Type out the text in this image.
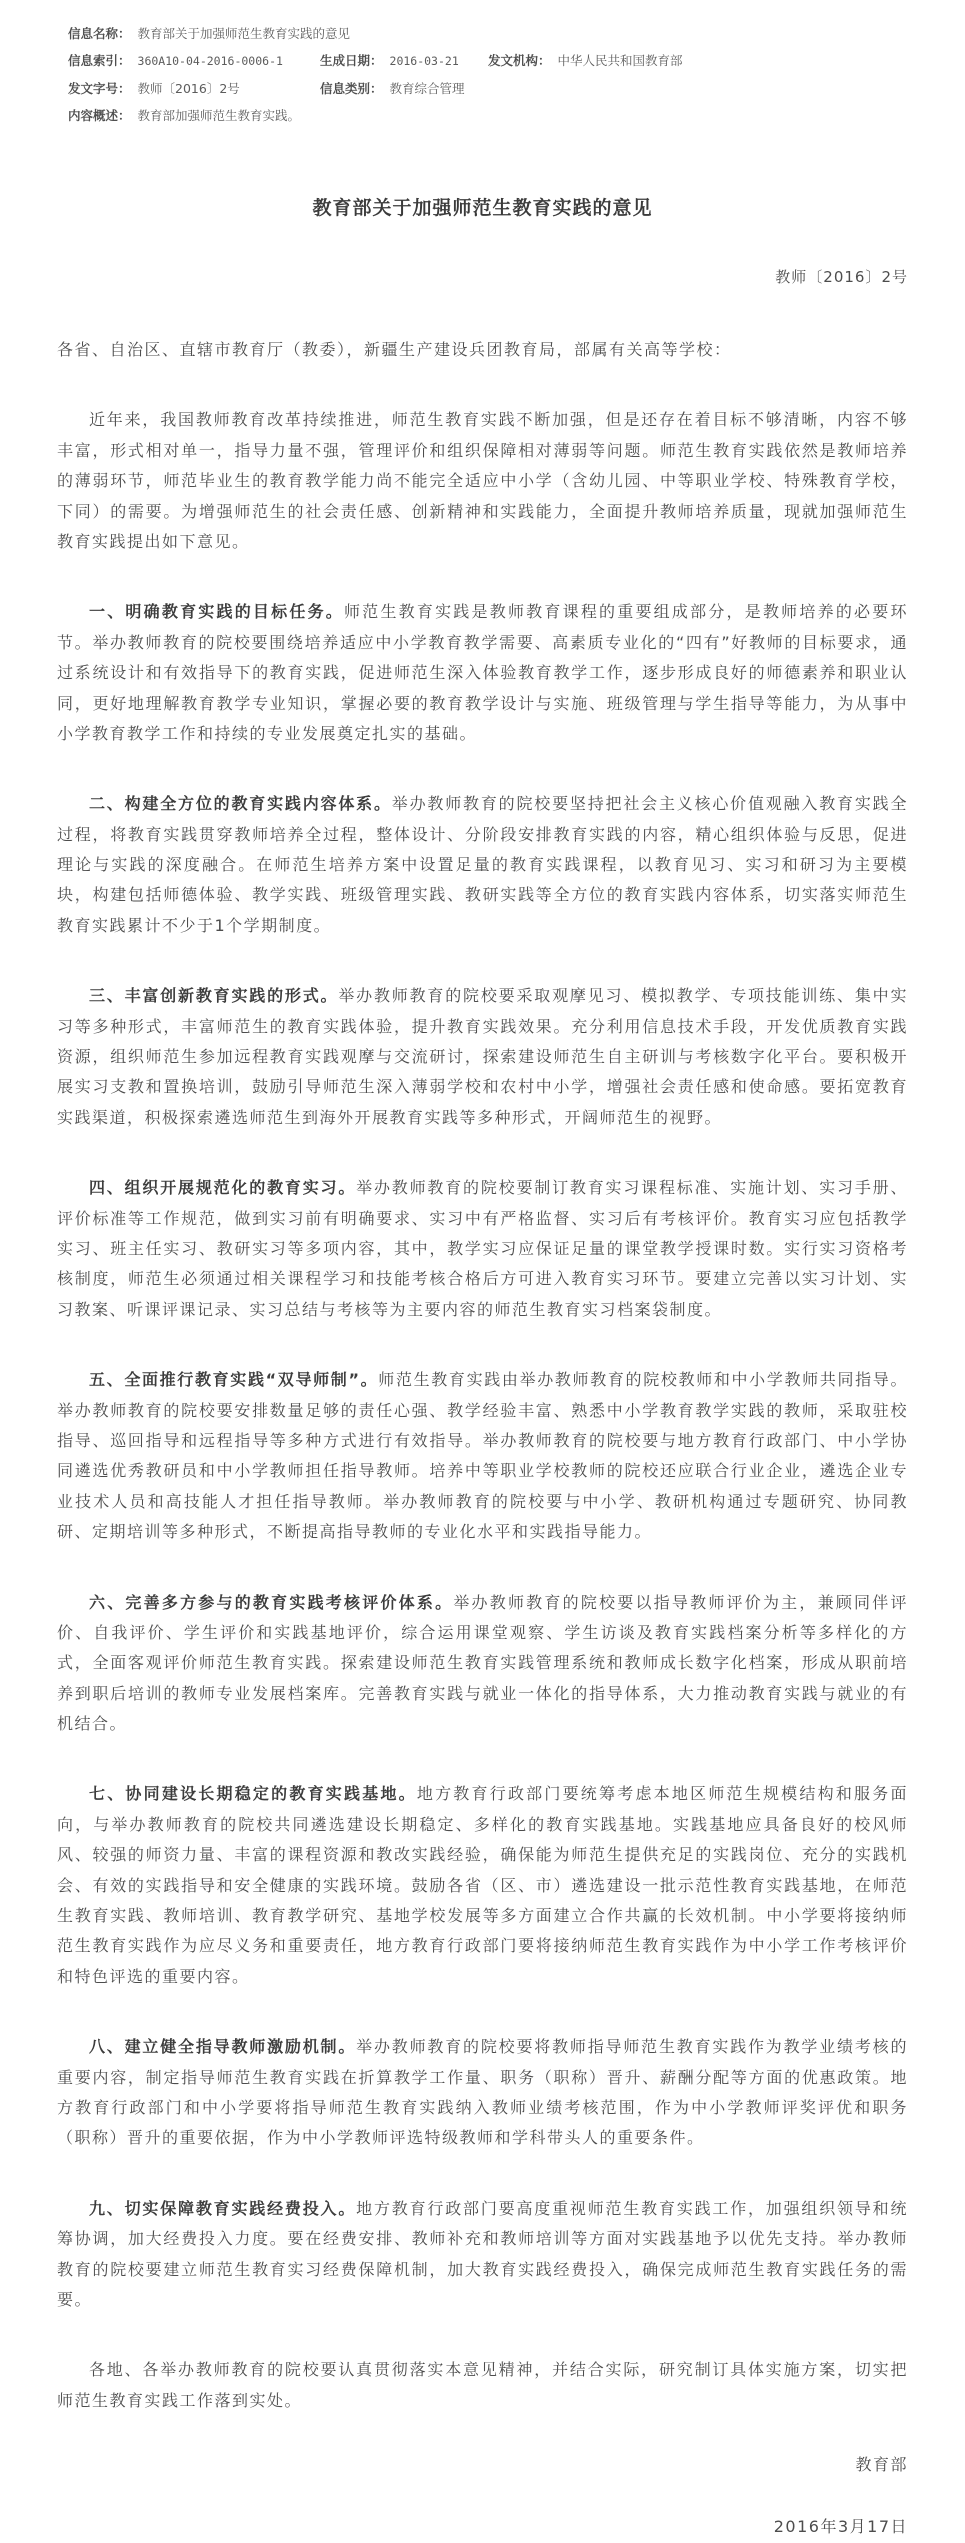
信息名称： 教育部关于加强师范生教育实践的意见
信息索引： 360A10-04-2016-0006-1	生成日期： 2016-03-21 发文机构： 中华人民共和国教育部
发文字号： 教师〔2016〕2号	信息类别： 教育综合管理
内容概述： 教育部加强师范生教育实践。
教育部关于加强师范生教育实践的意见
教师〔2016〕2号

各省、自治区、直辖市教育厅（教委），新疆生产建设兵团教育局，部属有关高等学校：

近年来，我国教师教育改革持续推进，师范生教育实践不断加强，但是还存在着目标不够清晰，内容不够丰富，形式相对单一，指导力量不强，管理评价和组织保障相对薄弱等问题。师范生教育实践依然是教师培养的薄弱环节，师范毕业生的教育教学能力尚不能完全适应中小学（含幼儿园、中等职业学校、特殊教育学校，下同）的需要。为增强师范生的社会责任感、创新精神和实践能力，全面提升教师培养质量，现就加强师范生教育实践提出如下意见。

一、明确教育实践的目标任务。师范生教育实践是教师教育课程的重要组成部分，是教师培养的必要环节。举办教师教育的院校要围绕培养适应中小学教育教学需要、高素质专业化的“四有”好教师的目标要求，通过系统设计和有效指导下的教育实践，促进师范生深入体验教育教学工作，逐步形成良好的师德素养和职业认同，更好地理解教育教学专业知识，掌握必要的教育教学设计与实施、班级管理与学生指导等能力，为从事中小学教育教学工作和持续的专业发展奠定扎实的基础。

二、构建全方位的教育实践内容体系。举办教师教育的院校要坚持把社会主义核心价值观融入教育实践全过程，将教育实践贯穿教师培养全过程，整体设计、分阶段安排教育实践的内容，精心组织体验与反思，促进理论与实践的深度融合。在师范生培养方案中设置足量的教育实践课程，以教育见习、实习和研习为主要模块，构建包括师德体验、教学实践、班级管理实践、教研实践等全方位的教育实践内容体系，切实落实师范生教育实践累计不少于1个学期制度。

三、丰富创新教育实践的形式。举办教师教育的院校要采取观摩见习、模拟教学、专项技能训练、集中实习等多种形式，丰富师范生的教育实践体验，提升教育实践效果。充分利用信息技术手段，开发优质教育实践资源，组织师范生参加远程教育实践观摩与交流研讨，探索建设师范生自主研训与考核数字化平台。要积极开展实习支教和置换培训，鼓励引导师范生深入薄弱学校和农村中小学，增强社会责任感和使命感。要拓宽教育实践渠道，积极探索遴选师范生到海外开展教育实践等多种形式，开阔师范生的视野。

四、组织开展规范化的教育实习。举办教师教育的院校要制订教育实习课程标准、实施计划、实习手册、评价标准等工作规范，做到实习前有明确要求、实习中有严格监督、实习后有考核评价。教育实习应包括教学实习、班主任实习、教研实习等多项内容，其中，教学实习应保证足量的课堂教学授课时数。实行实习资格考核制度，师范生必须通过相关课程学习和技能考核合格后方可进入教育实习环节。要建立完善以实习计划、实习教案、听课评课记录、实习总结与考核等为主要内容的师范生教育实习档案袋制度。

五、全面推行教育实践“双导师制”。师范生教育实践由举办教师教育的院校教师和中小学教师共同指导。举办教师教育的院校要安排数量足够的责任心强、教学经验丰富、熟悉中小学教育教学实践的教师，采取驻校指导、巡回指导和远程指导等多种方式进行有效指导。举办教师教育的院校要与地方教育行政部门、中小学协同遴选优秀教研员和中小学教师担任指导教师。培养中等职业学校教师的院校还应联合行业企业，遴选企业专业技术人员和高技能人才担任指导教师。举办教师教育的院校要与中小学、教研机构通过专题研究、协同教研、定期培训等多种形式，不断提高指导教师的专业化水平和实践指导能力。

六、完善多方参与的教育实践考核评价体系。举办教师教育的院校要以指导教师评价为主，兼顾同伴评价、自我评价、学生评价和实践基地评价，综合运用课堂观察、学生访谈及教育实践档案分析等多样化的方式，全面客观评价师范生教育实践。探索建设师范生教育实践管理系统和教师成长数字化档案，形成从职前培养到职后培训的教师专业发展档案库。完善教育实践与就业一体化的指导体系，大力推动教育实践与就业的有机结合。

七、协同建设长期稳定的教育实践基地。地方教育行政部门要统筹考虑本地区师范生规模结构和服务面向，与举办教师教育的院校共同遴选建设长期稳定、多样化的教育实践基地。实践基地应具备良好的校风师风、较强的师资力量、丰富的课程资源和教改实践经验，确保能为师范生提供充足的实践岗位、充分的实践机会、有效的实践指导和安全健康的实践环境。鼓励各省（区、市）遴选建设一批示范性教育实践基地，在师范生教育实践、教师培训、教育教学研究、基地学校发展等多方面建立合作共赢的长效机制。中小学要将接纳师范生教育实践作为应尽义务和重要责任，地方教育行政部门要将接纳师范生教育实践作为中小学工作考核评价和特色评选的重要内容。

八、建立健全指导教师激励机制。举办教师教育的院校要将教师指导师范生教育实践作为教学业绩考核的重要内容，制定指导师范生教育实践在折算教学工作量、职务（职称）晋升、薪酬分配等方面的优惠政策。地方教育行政部门和中小学要将指导师范生教育实践纳入教师业绩考核范围，作为中小学教师评奖评优和职务（职称）晋升的重要依据，作为中小学教师评选特级教师和学科带头人的重要条件。

九、切实保障教育实践经费投入。地方教育行政部门要高度重视师范生教育实践工作，加强组织领导和统筹协调，加大经费投入力度。要在经费安排、教师补充和教师培训等方面对实践基地予以优先支持。举办教师教育的院校要建立师范生教育实习经费保障机制，加大教育实践经费投入，确保完成师范生教育实践任务的需要。

各地、各举办教师教育的院校要认真贯彻落实本意见精神，并结合实际，研究制订具体实施方案，切实把师范生教育实践工作落到实处。

教育部

2016年3月17日
